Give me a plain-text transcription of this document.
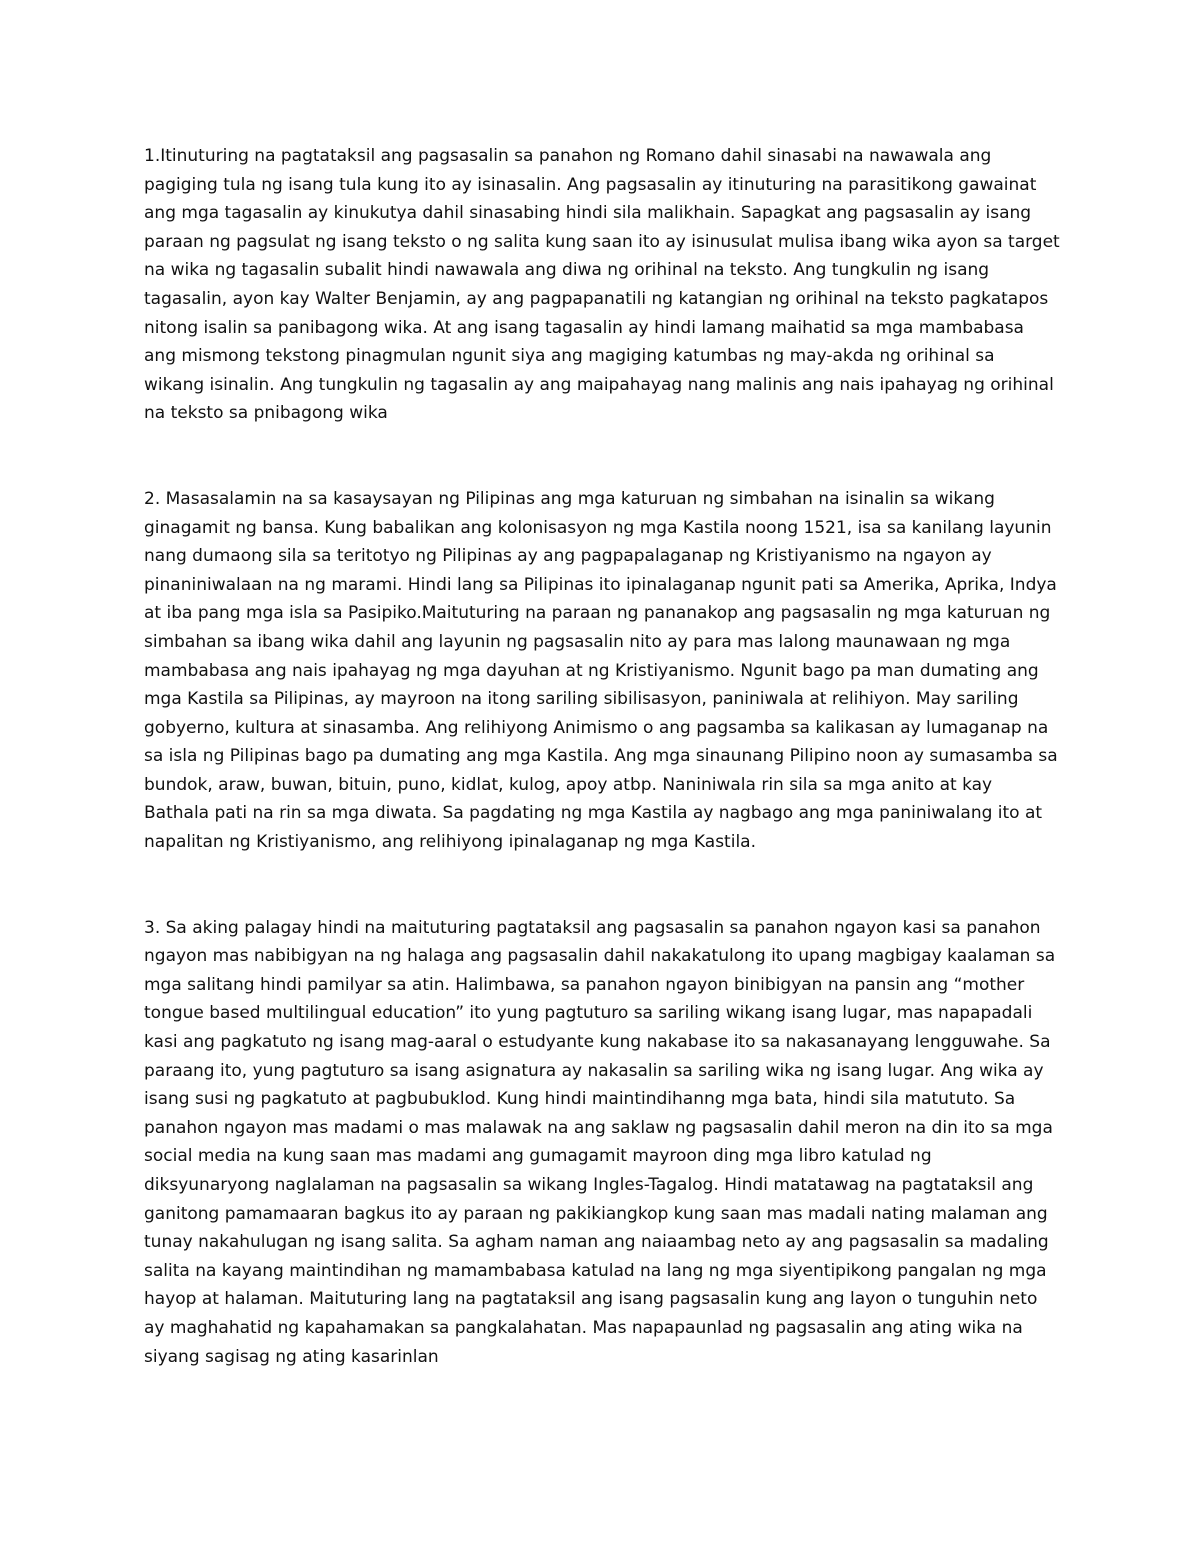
1.Itinuturing na pagtataksil ang pagsasalin sa panahon ng Romano dahil sinasabi na nawawala ang pagiging tula ng isang tula kung ito ay isinasalin. Ang pagsasalin ay itinuturing na parasitikong gawainat ang mga tagasalin ay kinukutya dahil sinasabing hindi sila malikhain. Sapagkat ang pagsasalin ay isang paraan ng pagsulat ng isang teksto o ng salita kung saan ito ay isinusulat mulisa ibang wika ayon sa target na wika ng tagasalin subalit hindi nawawala ang diwa ng orihinal na teksto. Ang tungkulin ng isang tagasalin, ayon kay Walter Benjamin, ay ang pagpapanatili ng katangian ng orihinal na teksto pagkatapos nitong isalin sa panibagong wika. At ang isang tagasalin ay hindi lamang maihatid sa mga mambabasa ang mismong tekstong pinagmulan ngunit siya ang magiging katumbas ng may-akda ng orihinal sa wikang isinalin. Ang tungkulin ng tagasalin ay ang maipahayag nang malinis ang nais ipahayag ng orihinal na teksto sa pnibagong wika

2. Masasalamin na sa kasaysayan ng Pilipinas ang mga katuruan ng simbahan na isinalin sa wikang ginagamit ng bansa. Kung babalikan ang kolonisasyon ng mga Kastila noong 1521, isa sa kanilang layunin nang dumaong sila sa teritotyo ng Pilipinas ay ang pagpapalaganap ng Kristiyanismo na ngayon ay pinaniniwalaan na ng marami. Hindi lang sa Pilipinas ito ipinalaganap ngunit pati sa Amerika, Aprika, Indya at iba pang mga isla sa Pasipiko.Maituturing na paraan ng pananakop ang pagsasalin ng mga katuruan ng simbahan sa ibang wika dahil ang layunin ng pagsasalin nito ay para mas lalong maunawaan ng mga mambabasa ang nais ipahayag ng mga dayuhan at ng Kristiyanismo. Ngunit bago pa man dumating ang mga Kastila sa Pilipinas, ay mayroon na itong sariling sibilisasyon, paniniwala at relihiyon. May sariling gobyerno, kultura at sinasamba. Ang relihiyong Animismo o ang pagsamba sa kalikasan ay lumaganap na sa isla ng Pilipinas bago pa dumating ang mga Kastila. Ang mga sinaunang Pilipino noon ay sumasamba sa bundok, araw, buwan, bituin, puno, kidlat, kulog, apoy atbp. Naniniwala rin sila sa mga anito at kay Bathala pati na rin sa mga diwata. Sa pagdating ng mga Kastila ay nagbago ang mga paniniwalang ito at napalitan ng Kristiyanismo, ang relihiyong ipinalaganap ng mga Kastila.

3. Sa aking palagay hindi na maituturing pagtataksil ang pagsasalin sa panahon ngayon kasi sa panahon ngayon mas nabibigyan na ng halaga ang pagsasalin dahil nakakatulong ito upang magbigay kaalaman sa mga salitang hindi pamilyar sa atin. Halimbawa, sa panahon ngayon binibigyan na pansin ang “mother tongue based multilingual education” ito yung pagtuturo sa sariling wikang isang lugar, mas napapadali kasi ang pagkatuto ng isang mag-aaral o estudyante kung nakabase ito sa nakasanayang lengguwahe. Sa paraang ito, yung pagtuturo sa isang asignatura ay nakasalin sa sariling wika ng isang lugar. Ang wika ay isang susi ng pagkatuto at pagbubuklod. Kung hindi maintindihanng mga bata, hindi sila matututo. Sa panahon ngayon mas madami o mas malawak na ang saklaw ng pagsasalin dahil meron na din ito sa mga social media na kung saan mas madami ang gumagamit mayroon ding mga libro katulad ng diksyunaryong naglalaman na pagsasalin sa wikang Ingles-Tagalog. Hindi matatawag na pagtataksil ang ganitong pamamaaran bagkus ito ay paraan ng pakikiangkop kung saan mas madali nating malaman ang tunay nakahulugan ng isang salita. Sa agham naman ang naiaambag neto ay ang pagsasalin sa madaling salita na kayang maintindihan ng mamambabasa katulad na lang ng mga siyentipikong pangalan ng mga hayop at halaman. Maituturing lang na pagtataksil ang isang pagsasalin kung ang layon o tunguhin neto ay maghahatid ng kapahamakan sa pangkalahatan. Mas napapaunlad ng pagsasalin ang ating wika na siyang sagisag ng ating kasarinlan
